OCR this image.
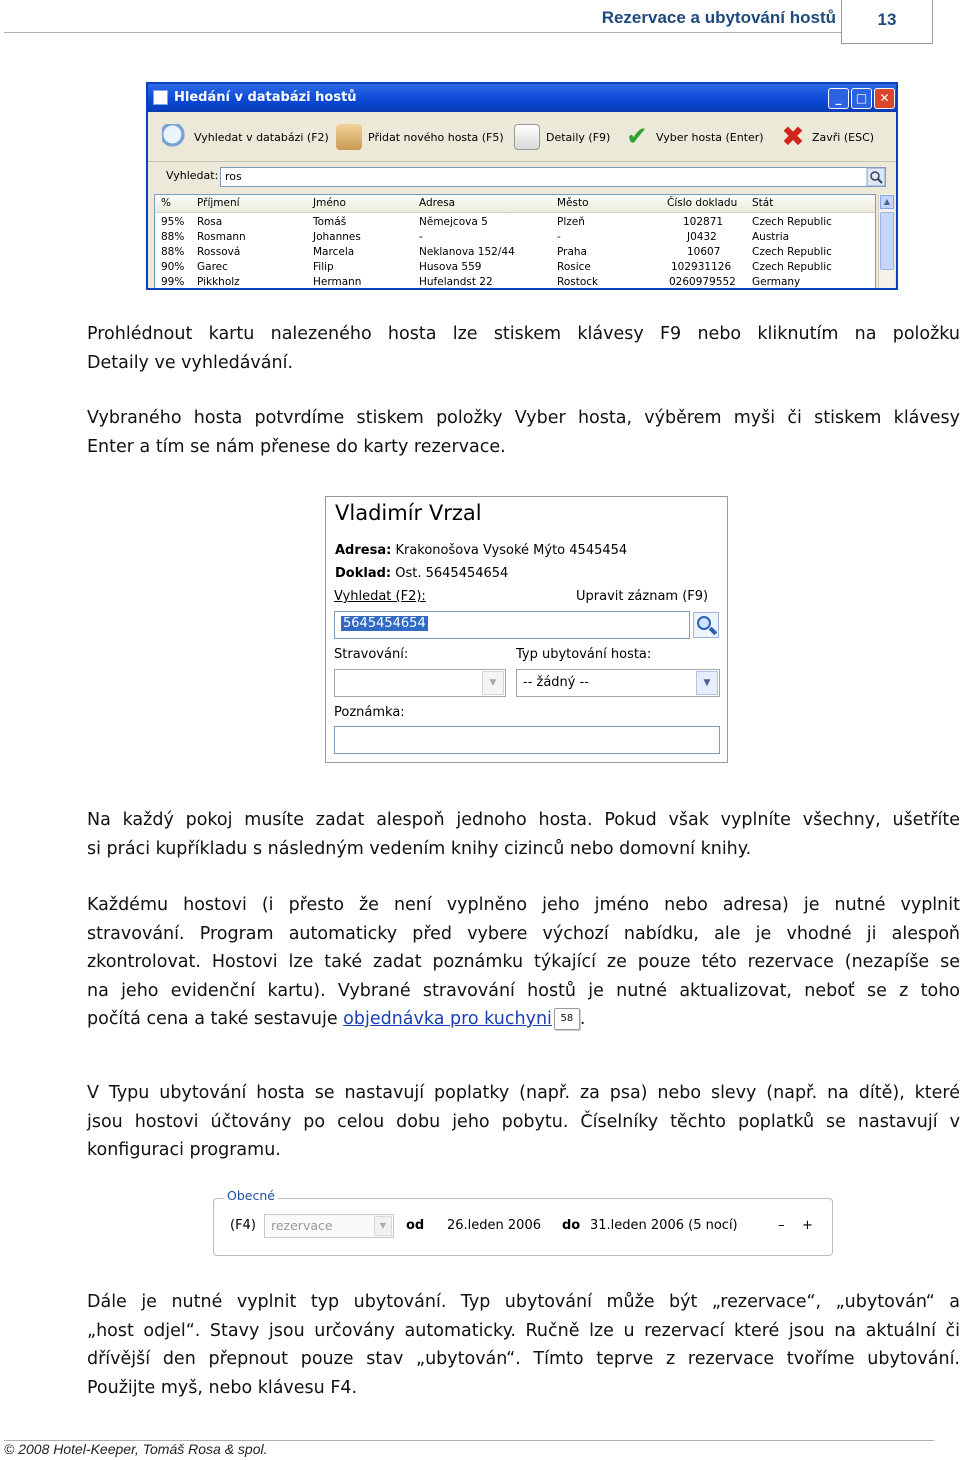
Rezervace a ubytování hostů	13
Hledání v databázi hostů	_	□	✕
Vyhledat v databázi (F2)	Přidat nového hosta (F5)	Detaily (F9) ✔ Vyber hosta (Enter) ✖ Zavři (ESC)
Vyhledat: ros
% Příjmení	Jméno	Adresa	Město	Číslo dokladu Stát
95% Rosa	Tomáš	Nĕmejcova 5	Plzeň	102871	Czech Republic
88% Rosmann	Johannes	-	-	J0432	Austria
88% Rossová	Marcela	Neklanova 152/44	Praha	10607	Czech Republic
90% Garec	Filip	Husova 559	Rosice	102931126 Czech Republic
99% Pikkholz	Hermann	Hufelandst 22	Rostock	0260979552 Germany
▲
Prohlédnout kartu nalezeného hosta lze stiskem klávesy F9 nebo kliknutím na položku
Detaily ve vyhledávání.
Vybraného hosta potvrdíme stiskem položky Vyber hosta, výběrem myši či stiskem klávesy
Enter a tím se nám přenese do karty rezervace.
Vladimír Vrzal
Adresa: Krakonošova Vysoké Mýto 4545454
Doklad: Ost. 5645454654
Vyhledat (F2):	Upravit záznam (F9)
5645454654
Stravování:	Typ ubytování hosta:
▼	-- žádný --	▼
Poznámka:
Na každý pokoj musíte zadat alespoň jednoho hosta. Pokud však vyplníte všechny, ušetříte
si práci kupříkladu s následným vedením knihy cizinců nebo domovní knihy.
Každému hostovi (i přesto že není vyplněno jeho jméno nebo adresa) je nutné vyplnit
stravování. Program automaticky před vybere výchozí nabídku, ale je vhodné ji alespoň
zkontrolovat. Hostovi lze také zadat poznámku týkající ze pouze této rezervace (nezapíše se
na jeho evidenční kartu). Vybrané stravování hostů je nutné aktualizovat, neboť se z toho
počítá cena a také sestavuje objednávka pro kuchyni 58 .
V Typu ubytování hosta se nastavují poplatky (např. za psa) nebo slevy (např. na dítě), které
jsou hostovi účtovány po celou dobu jeho pobytu. Číselníky těchto poplatků se nastavují v
konfiguraci programu.
Obecné
(F4)	rezervace	▼	od 26.leden 2006 do 31.leden 2006 (5 nocí)	– +
Dále je nutné vyplnit typ ubytování. Typ ubytování může být „rezervace“, „ubytován“ a
„host odjel“. Stavy jsou určovány automaticky. Ručně lze u rezervací které jsou na aktuální či
dřívější den přepnout pouze stav „ubytován“. Tímto teprve z rezervace tvoříme ubytování.
Použijte myš, nebo klávesu F4.
© 2008 Hotel-Keeper, Tomáš Rosa & spol.
